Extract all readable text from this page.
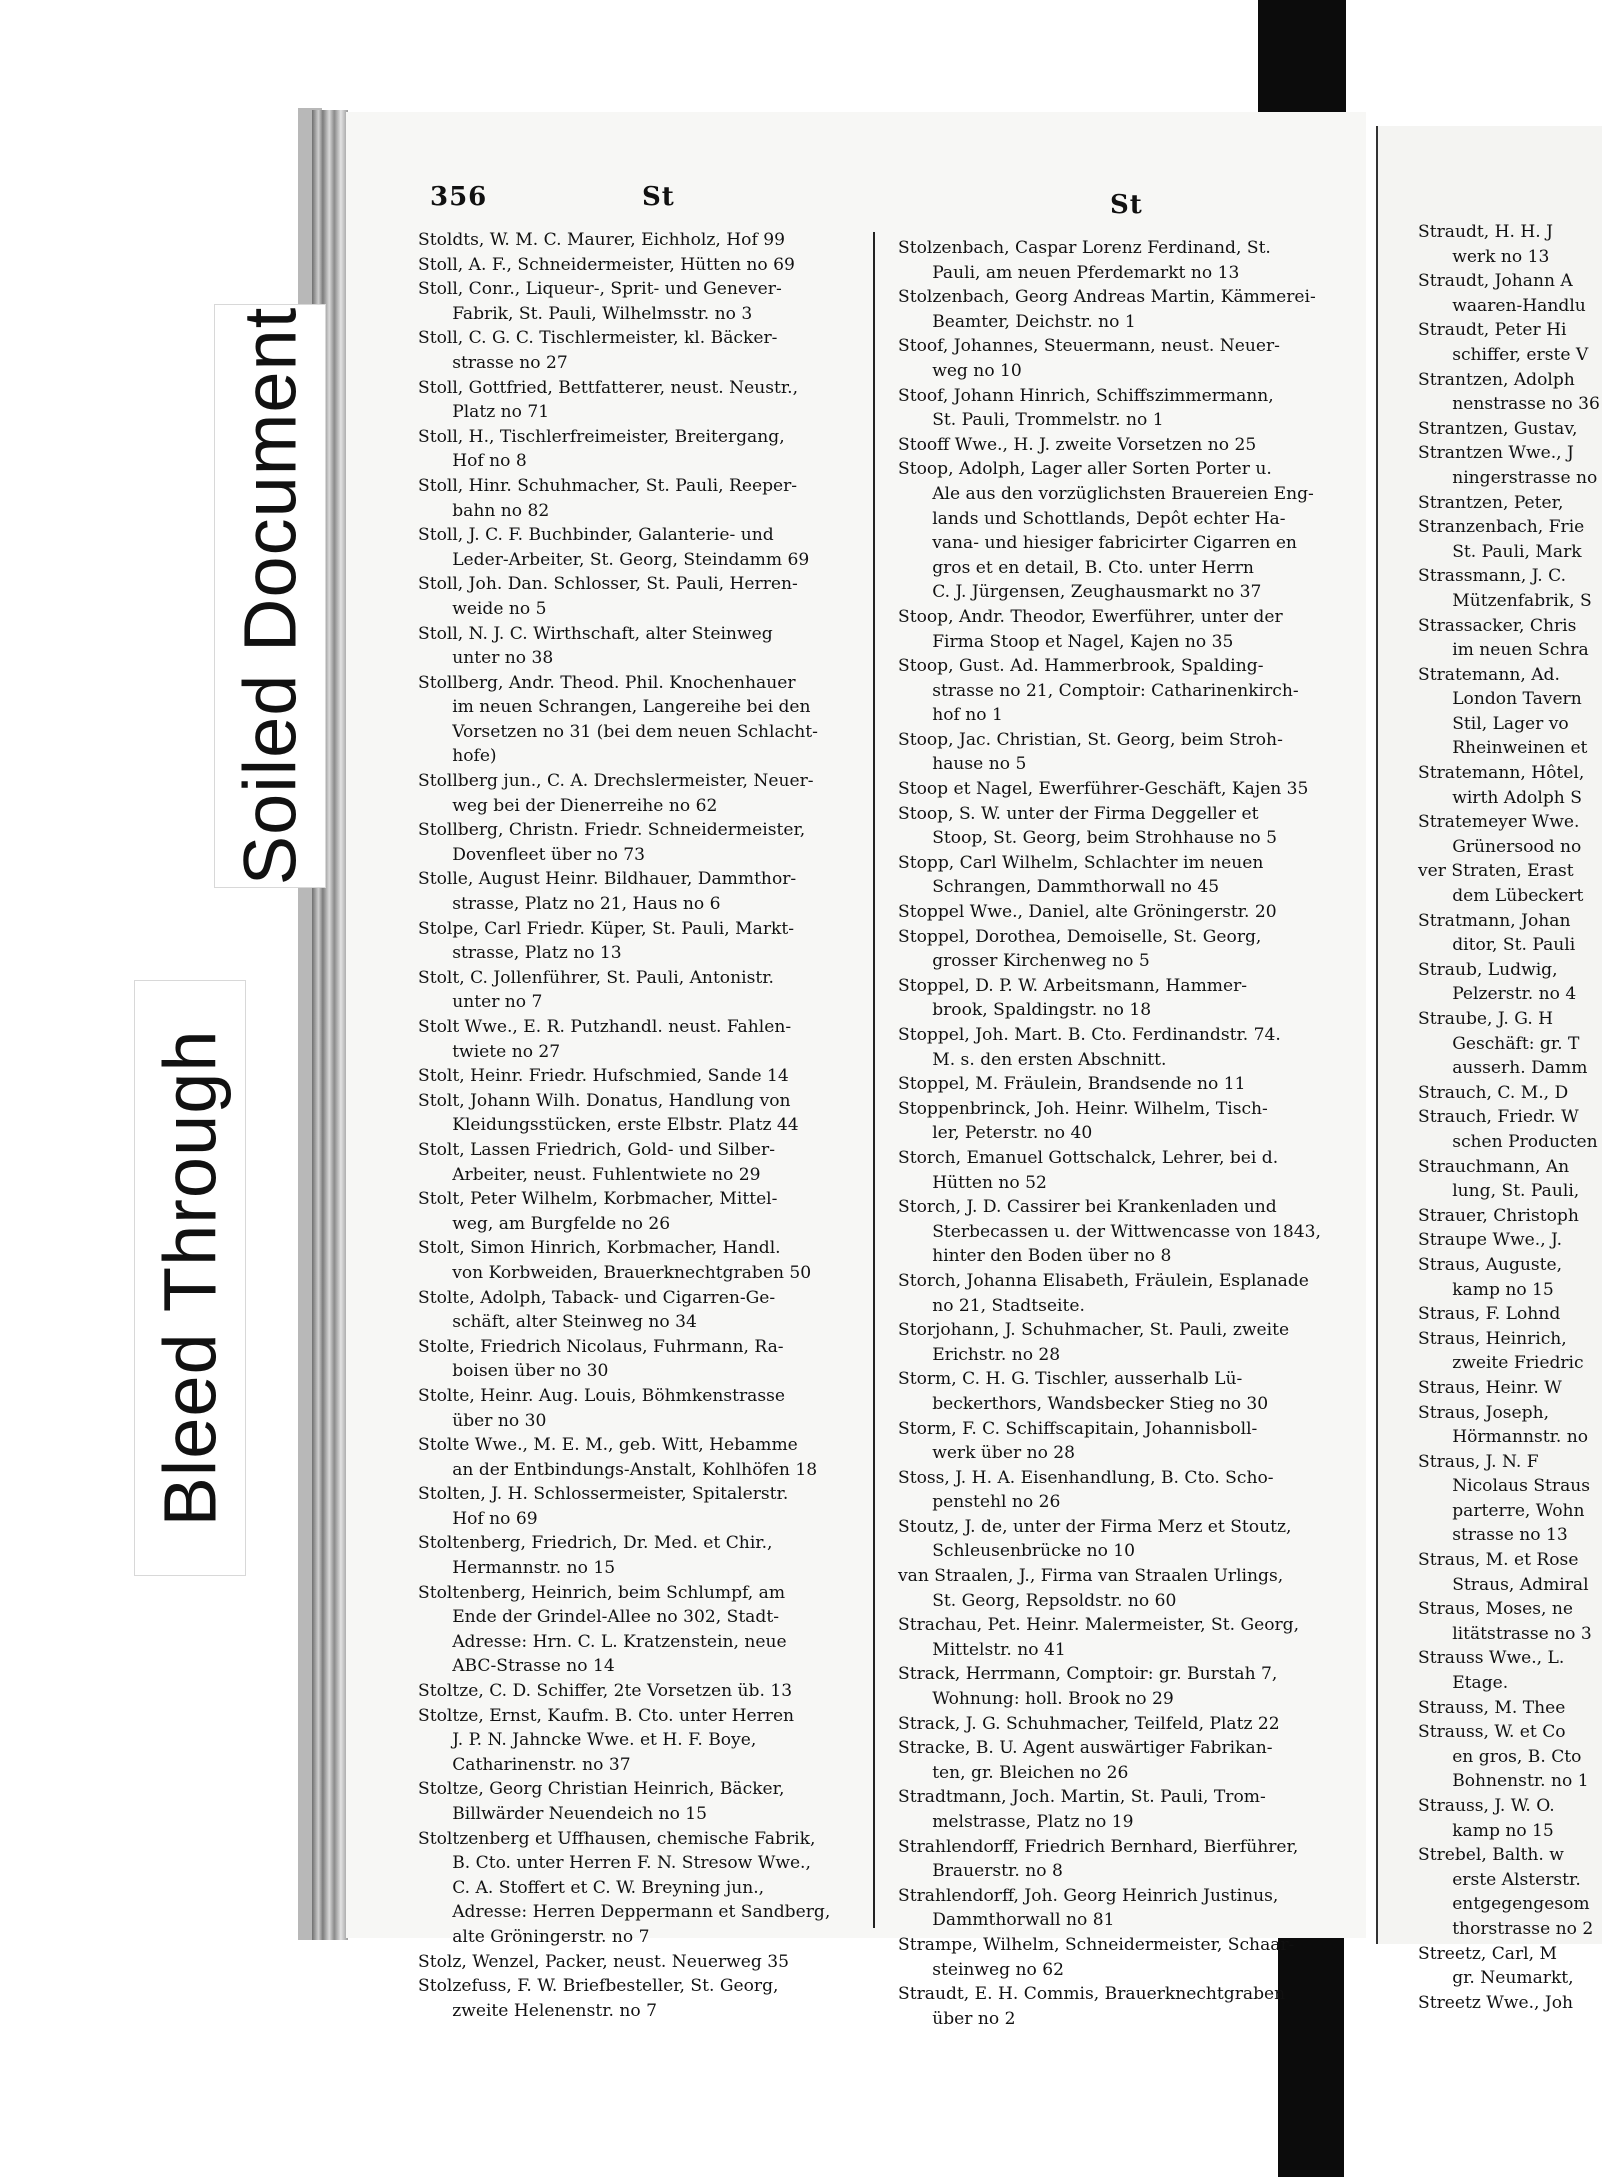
356	St	St
Stoldts, W. M. C. Maurer, Eichholz, Hof 99
Stoll, A. F., Schneidermeister, Hütten no 69
Stoll, Conr., Liqueur-, Sprit- und Genever-
  Fabrik, St. Pauli, Wilhelmsstr. no 3
Stoll, C. G. C. Tischlermeister, kl. Bäcker-
  strasse no 27
Stoll, Gottfried, Bettfatterer, neust. Neustr.,
  Platz no 71
Stoll, H., Tischlerfreimeister, Breitergang,
  Hof no 8
Stoll, Hinr. Schuhmacher, St. Pauli, Reeper-
  bahn no 82
Stoll, J. C. F. Buchbinder, Galanterie- und
  Leder-Arbeiter, St. Georg, Steindamm 69
Stoll, Joh. Dan. Schlosser, St. Pauli, Herren-
  weide no 5
Stoll, N. J. C. Wirthschaft, alter Steinweg
  unter no 38
Stollberg, Andr. Theod. Phil. Knochenhauer
  im neuen Schrangen, Langereihe bei den
  Vorsetzen no 31 (bei dem neuen Schlacht-
  hofe)
Stollberg jun., C. A. Drechslermeister, Neuer-
  weg bei der Dienerreihe no 62
Stollberg, Christn. Friedr. Schneidermeister,
  Dovenfleet über no 73
Stolle, August Heinr. Bildhauer, Dammthor-
  strasse, Platz no 21, Haus no 6
Stolpe, Carl Friedr. Küper, St. Pauli, Markt-
  strasse, Platz no 13
Stolt, C. Jollenführer, St. Pauli, Antonistr.
  unter no 7
Stolt Wwe., E. R. Putzhandl. neust. Fahlen-
  twiete no 27
Stolt, Heinr. Friedr. Hufschmied, Sande 14
Stolt, Johann Wilh. Donatus, Handlung von
  Kleidungsstücken, erste Elbstr. Platz 44
Stolt, Lassen Friedrich, Gold- und Silber-
  Arbeiter, neust. Fuhlentwiete no 29
Stolt, Peter Wilhelm, Korbmacher, Mittel-
  weg, am Burgfelde no 26
Stolt, Simon Hinrich, Korbmacher, Handl.
  von Korbweiden, Brauerknechtgraben 50
Stolte, Adolph, Taback- und Cigarren-Ge-
  schäft, alter Steinweg no 34
Stolte, Friedrich Nicolaus, Fuhrmann, Ra-
  boisen über no 30
Stolte, Heinr. Aug. Louis, Böhmkenstrasse
  über no 30
Stolte Wwe., M. E. M., geb. Witt, Hebamme
  an der Entbindungs-Anstalt, Kohlhöfen 18
Stolten, J. H. Schlossermeister, Spitalerstr.
  Hof no 69
Stoltenberg, Friedrich, Dr. Med. et Chir.,
  Hermannstr. no 15
Stoltenberg, Heinrich, beim Schlumpf, am
  Ende der Grindel-Allee no 302, Stadt-
  Adresse: Hrn. C. L. Kratzenstein, neue
  ABC-Strasse no 14
Stoltze, C. D. Schiffer, 2te Vorsetzen üb. 13
Stoltze, Ernst, Kaufm. B. Cto. unter Herren
  J. P. N. Jahncke Wwe. et H. F. Boye,
  Catharinenstr. no 37
Stoltze, Georg Christian Heinrich, Bäcker,
  Billwärder Neuendeich no 15
Stoltzenberg et Uffhausen, chemische Fabrik,
  B. Cto. unter Herren F. N. Stresow Wwe.,
  C. A. Stoffert et C. W. Breyning jun.,
  Adresse: Herren Deppermann et Sandberg,
  alte Gröningerstr. no 7
Stolz, Wenzel, Packer, neust. Neuerweg 35
Stolzefuss, F. W. Briefbesteller, St. Georg,
  zweite Helenenstr. no 7
Stolzenbach, Caspar Lorenz Ferdinand, St.
  Pauli, am neuen Pferdemarkt no 13
Stolzenbach, Georg Andreas Martin, Kämmerei-
  Beamter, Deichstr. no 1
Stoof, Johannes, Steuermann, neust. Neuer-
  weg no 10
Stoof, Johann Hinrich, Schiffszimmermann,
  St. Pauli, Trommelstr. no 1
Stooff Wwe., H. J. zweite Vorsetzen no 25
Stoop, Adolph, Lager aller Sorten Porter u.
  Ale aus den vorzüglichsten Brauereien Eng-
  lands und Schottlands, Depôt echter Ha-
  vana- und hiesiger fabricirter Cigarren en
  gros et en detail, B. Cto. unter Herrn
  C. J. Jürgensen, Zeughausmarkt no 37
Stoop, Andr. Theodor, Ewerführer, unter der
  Firma Stoop et Nagel, Kajen no 35
Stoop, Gust. Ad. Hammerbrook, Spalding-
  strasse no 21, Comptoir: Catharinenkirch-
  hof no 1
Stoop, Jac. Christian, St. Georg, beim Stroh-
  hause no 5
Stoop et Nagel, Ewerführer-Geschäft, Kajen 35
Stoop, S. W. unter der Firma Deggeller et
  Stoop, St. Georg, beim Strohhause no 5
Stopp, Carl Wilhelm, Schlachter im neuen
  Schrangen, Dammthorwall no 45
Stoppel Wwe., Daniel, alte Gröningerstr. 20
Stoppel, Dorothea, Demoiselle, St. Georg,
  grosser Kirchenweg no 5
Stoppel, D. P. W. Arbeitsmann, Hammer-
  brook, Spaldingstr. no 18
Stoppel, Joh. Mart. B. Cto. Ferdinandstr. 74.
  M. s. den ersten Abschnitt.
Stoppel, M. Fräulein, Brandsende no 11
Stoppenbrinck, Joh. Heinr. Wilhelm, Tisch-
  ler, Peterstr. no 40
Storch, Emanuel Gottschalck, Lehrer, bei d.
  Hütten no 52
Storch, J. D. Cassirer bei Krankenladen und
  Sterbecassen u. der Wittwencasse von 1843,
  hinter den Boden über no 8
Storch, Johanna Elisabeth, Fräulein, Esplanade
  no 21, Stadtseite.
Storjohann, J. Schuhmacher, St. Pauli, zweite
  Erichstr. no 28
Storm, C. H. G. Tischler, ausserhalb Lü-
  beckerthors, Wandsbecker Stieg no 30
Storm, F. C. Schiffscapitain, Johannisboll-
  werk über no 28
Stoss, J. H. A. Eisenhandlung, B. Cto. Scho-
  penstehl no 26
Stoutz, J. de, unter der Firma Merz et Stoutz,
  Schleusenbrücke no 10
van Straalen, J., Firma van Straalen Urlings,
  St. Georg, Repsoldstr. no 60
Strachau, Pet. Heinr. Malermeister, St. Georg,
  Mittelstr. no 41
Strack, Herrmann, Comptoir: gr. Burstah 7,
  Wohnung: holl. Brook no 29
Strack, J. G. Schuhmacher, Teilfeld, Platz 22
Stracke, B. U. Agent auswärtiger Fabrikan-
  ten, gr. Bleichen no 26
Stradtmann, Joch. Martin, St. Pauli, Trom-
  melstrasse, Platz no 19
Strahlendorff, Friedrich Bernhard, Bierführer,
  Brauerstr. no 8
Strahlendorff, Joh. Georg Heinrich Justinus,
  Dammthorwall no 81
Strampe, Wilhelm, Schneidermeister, Schaar-
  steinweg no 62
Straudt, E. H. Commis, Brauerknechtgraben
  über no 2
Straudt, H. H. J
  werk no 13
Straudt, Johann A
  waaren-Handlu
Straudt, Peter Hi
  schiffer, erste V
Strantzen, Adolph
  nenstrasse no 36
Strantzen, Gustav,
Strantzen Wwe., J
  ningerstrasse no
Strantzen, Peter,
Stranzenbach, Frie
  St. Pauli, Mark
Strassmann, J. C.
  Mützenfabrik, S
Strassacker, Chris
  im neuen Schra
Stratemann, Ad.
  London Tavern
  Stil, Lager vo
  Rheinweinen et
Stratemann, Hôtel,
  wirth Adolph S
Stratemeyer Wwe.
  Grünersood no
ver Straten, Erast
  dem Lübeckert
Stratmann, Johan
  ditor, St. Pauli
Straub, Ludwig,
  Pelzerstr. no 4
Straube, J. G. H
  Geschäft: gr. T
  ausserh. Damm
Strauch, C. M., D
Strauch, Friedr. W
  schen Producten
Strauchmann, An
  lung, St. Pauli,
Strauer, Christoph
Straupe Wwe., J.
Straus, Auguste,
  kamp no 15
Straus, F. Lohnd
Straus, Heinrich,
  zweite Friedric
Straus, Heinr. W
Straus, Joseph,
  Hörmannstr. no
Straus, J. N. F
  Nicolaus Straus
  parterre, Wohn
  strasse no 13
Straus, M. et Rose
  Straus, Admiral
Straus, Moses, ne
  litätstrasse no 3
Strauss Wwe., L.
  Etage.
Strauss, M. Thee
Strauss, W. et Co
  en gros, B. Cto
  Bohnenstr. no 1
Strauss, J. W. O.
  kamp no 15
Strebel, Balth. w
  erste Alsterstr.
  entgegengesom
  thorstrasse no 2
Streetz, Carl, M
  gr. Neumarkt,
Streetz Wwe., Joh
Soiled Document
Bleed Through
